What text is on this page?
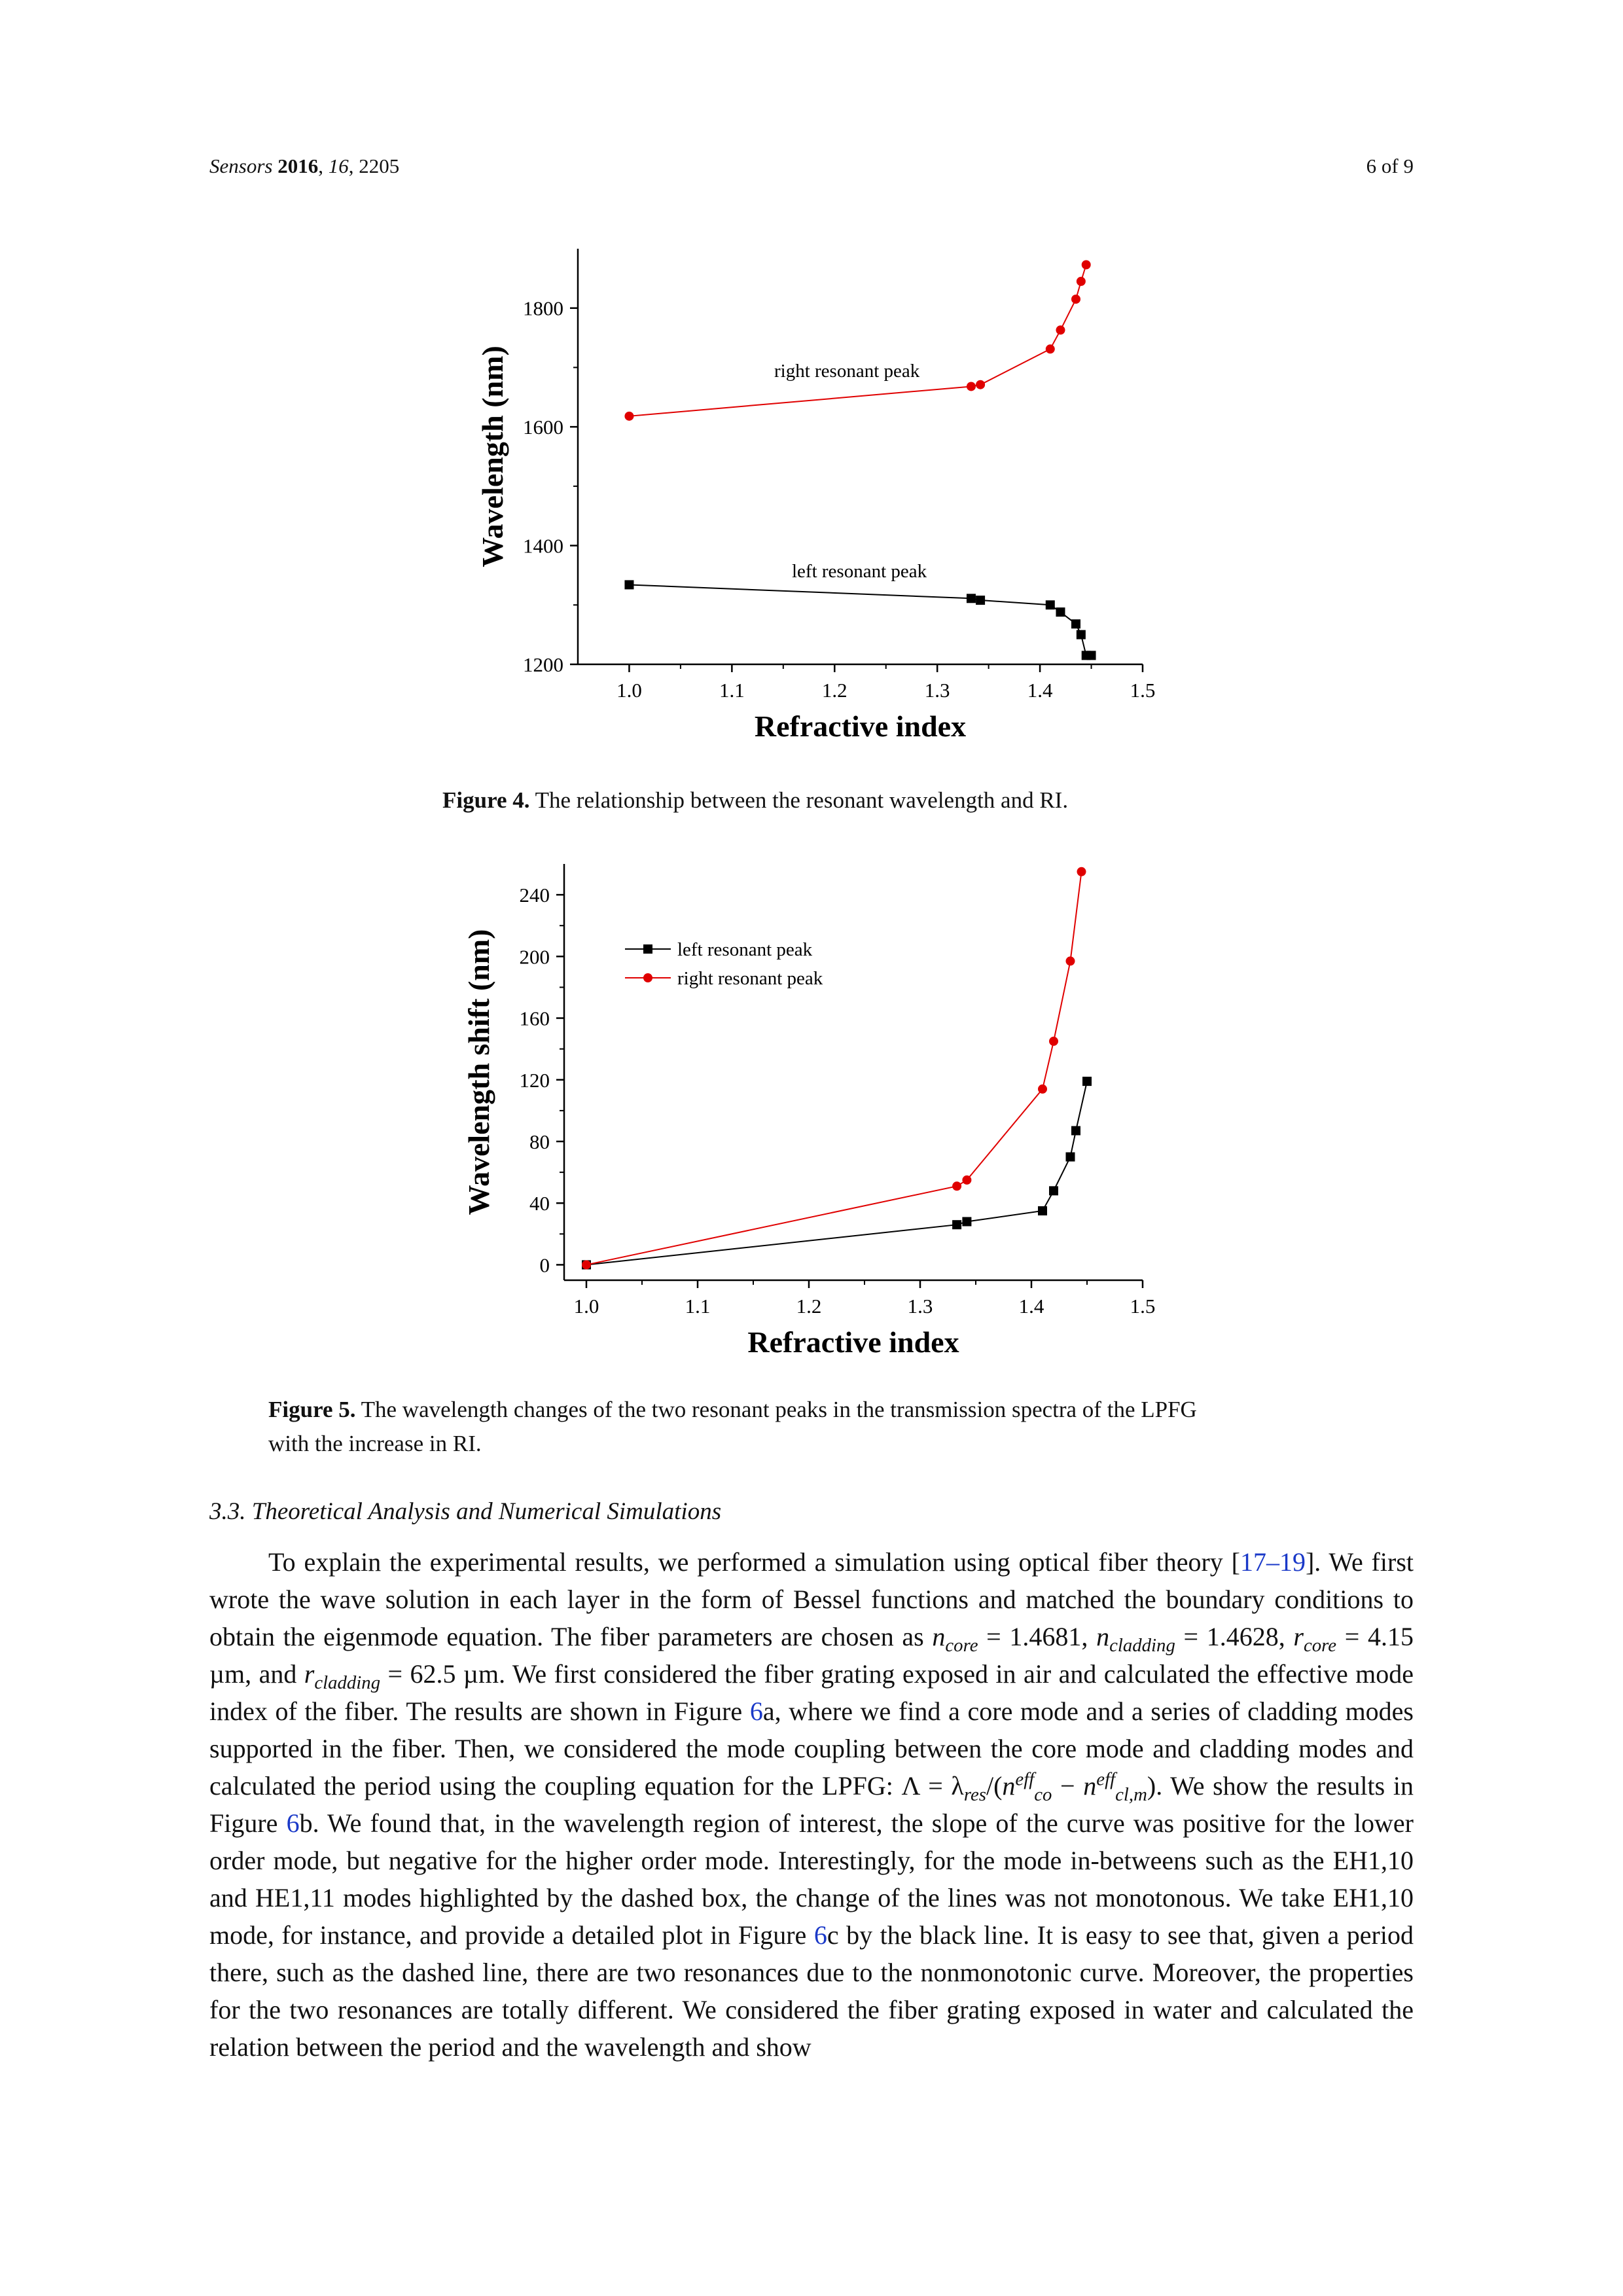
Sensors 2016, 16, 2205	6 of 9
1.0	1.1	1.2	1.3	1.4	1.5
1200
1400
1600
1800
Refractive index
Wavelength (nm)	right resonant peak
left resonant peak
Figure 4. The relationship between the resonant wavelength and RI.
1.0	1.1	1.2	1.3	1.4	1.5
0
40
80
120
160
200
240
Refractive index
Wavelength shift (nm)	left resonant peak
right resonant peak
Figure 5. The wavelength changes of the two resonant peaks in the transmission spectra of the LPFG
with the increase in RI.
3.3. Theoretical Analysis and Numerical Simulations

To explain the experimental results, we performed a simulation using optical fiber theory [17–19]. We first wrote the wave solution in each layer in the form of Bessel functions and matched the boundary conditions to obtain the eigenmode equation. The fiber parameters are chosen as $n_{core} = 1.4681$, $n_{cladding} = 1.4628$, $r_{core} = 4.15$ µm, and $r_{cladding} = 62.5$ µm. We first considered the fiber grating exposed in air and calculated the effective mode index of the fiber. The results are shown in Figure 6a, where we find a core mode and a series of cladding modes supported in the fiber. Then, we considered the mode coupling between the core mode and cladding modes and calculated the period using the coupling equation for the LPFG: $\Lambda = \lambda_{res}/(n^{eff}_{co} - n^{eff}_{cl,m})$. We show the results in Figure 6b. We found that, in the wavelength region of interest, the slope of the curve was positive for the lower order mode, but negative for the higher order mode. Interestingly, for the mode in-betweens such as the EH1,10 and HE1,11 modes highlighted by the dashed box, the change of the lines was not monotonous. We take EH1,10 mode, for instance, and provide a detailed plot in Figure 6c by the black line. It is easy to see that, given a period there, such as the dashed line, there are two resonances due to the nonmonotonic curve. Moreover, the properties for the two resonances are totally different. We considered the fiber grating exposed in water and calculated the relation between the period and the wavelength and show
